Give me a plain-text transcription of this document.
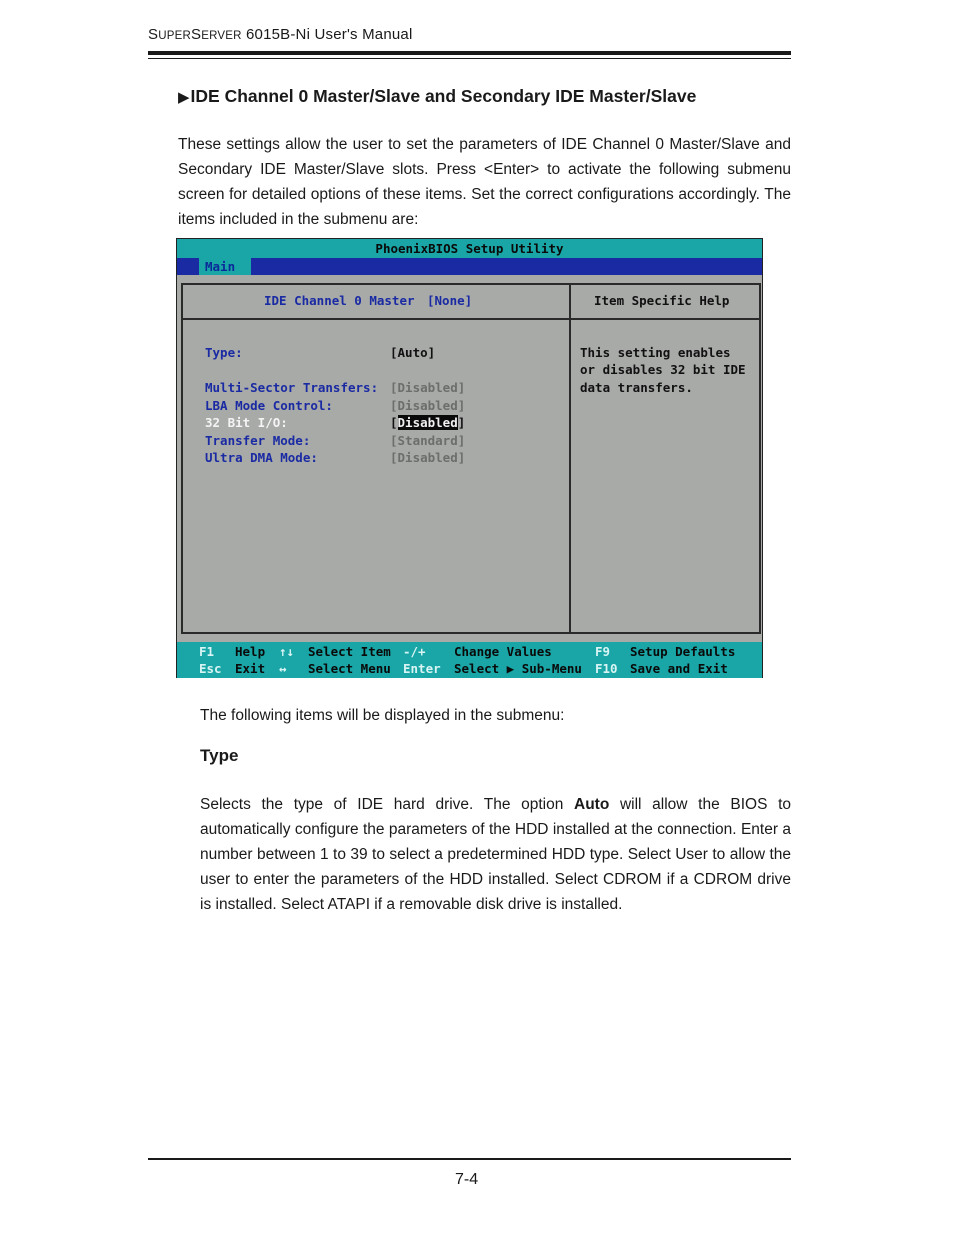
SUPERSERVER 6015B-Ni User's Manual
▶IDE Channel 0 Master/Slave and Secondary IDE Master/Slave
These settings allow the user to set the parameters of IDE Channel 0 Master/Slave and Secondary IDE Master/Slave slots. Press <Enter> to activate the following submenu screen for detailed options of these items. Set the correct configurations accordingly. The items included in the submenu are:
PhoenixBIOS Setup Utility
Main
IDE Channel 0 Master [None]	Item Specific Help
Type:	[Auto]
Multi-Sector Transfers: [Disabled]
LBA Mode Control:	[Disabled]
32 Bit I/O:	[Disabled]
Transfer Mode:	[Standard]
Ultra DMA Mode:	[Disabled]
This setting enables
or disables 32 bit IDE
data transfers.
F1 Help ↑↓ Select Item -/+ Change Values	F9 Setup Defaults
Esc Exit ↔ Select Menu Enter Select ▶ Sub-Menu F10 Save and Exit
The following items will be displayed in the submenu:
Type
Selects the type of IDE hard drive. The option Auto will allow the BIOS to automatically configure the parameters of the HDD installed at the connection. Enter a number between 1 to 39 to select a predetermined HDD type. Select User to allow the user to enter the parameters of the HDD installed. Select CDROM if a CDROM drive is installed. Select ATAPI if a removable disk drive is installed.
7-4
